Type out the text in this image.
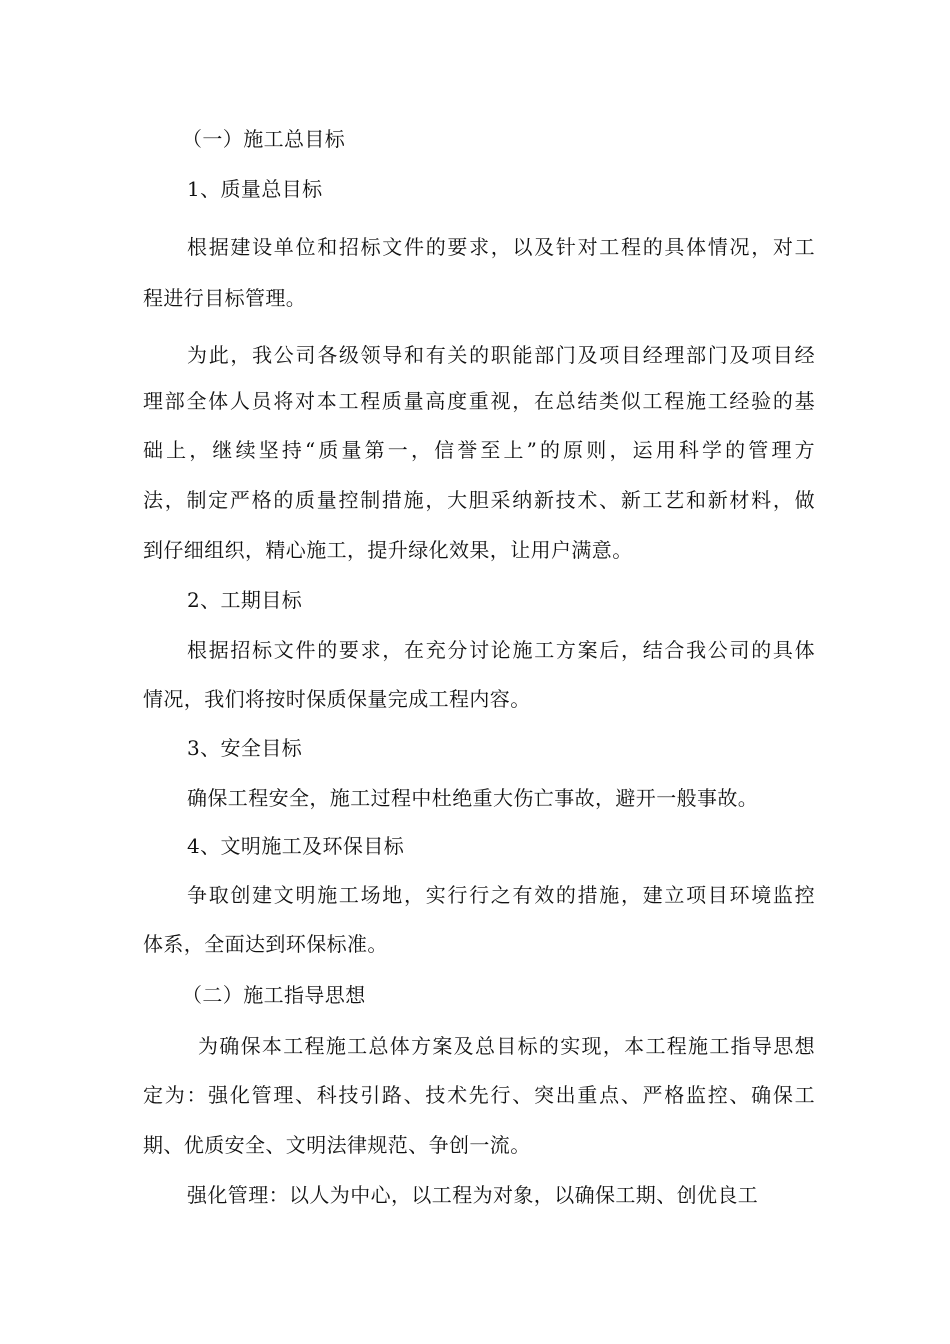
（一）施工总目标
1、质量总目标
根据建设单位和招标文件的要求，以及针对工程的具体情况，对工
程进行目标管理。
为此，我公司各级领导和有关的职能部门及项目经理部门及项目经
理部全体人员将对本工程质量高度重视，在总结类似工程施工经验的基
础上，继续坚持“质量第一，信誉至上”的原则，运用科学的管理方
法，制定严格的质量控制措施，大胆采纳新技术、新工艺和新材料，做
到仔细组织，精心施工，提升绿化效果，让用户满意。
2、工期目标
根据招标文件的要求，在充分讨论施工方案后，结合我公司的具体
情况，我们将按时保质保量完成工程内容。
3、安全目标
确保工程安全，施工过程中杜绝重大伤亡事故，避开一般事故。
4、文明施工及环保目标
争取创建文明施工场地，实行行之有效的措施，建立项目环境监控
体系，全面达到环保标准。
（二）施工指导思想
为确保本工程施工总体方案及总目标的实现，本工程施工指导思想
定为：强化管理、科技引路、技术先行、突出重点、严格监控、确保工
期、优质安全、文明法律规范、争创一流。
强化管理：以人为中心，以工程为对象，以确保工期、创优良工
